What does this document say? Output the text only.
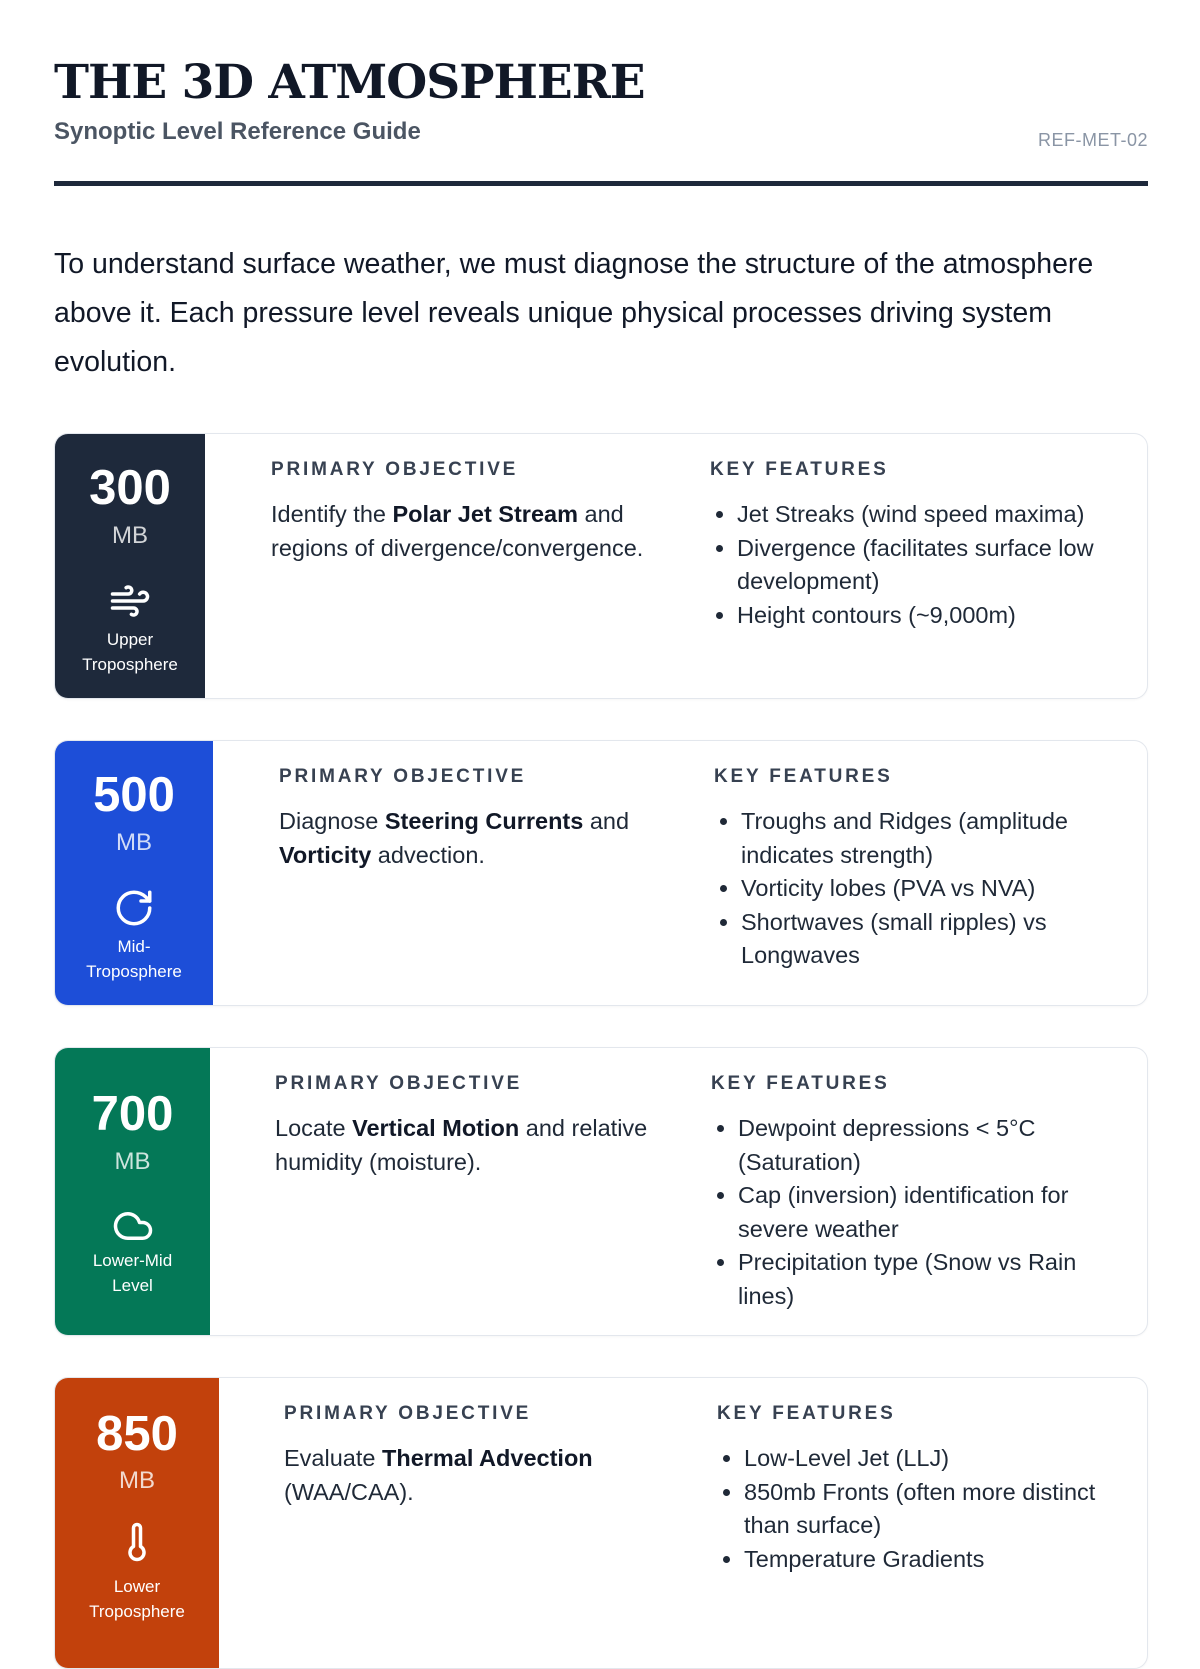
THE 3D ATMOSPHERE
Synoptic Level Reference Guide	REF-MET-02

To understand surface weather, we must diagnose the structure of the atmosphere above it. Each pressure level reveals unique physical processes driving system evolution.

300
MB
Upper
Troposphere
PRIMARY OBJECTIVE

Identify the Polar Jet Stream and regions of divergence/convergence.

KEY FEATURES
• Jet Streaks (wind speed maxima)
• Divergence (facilitates surface low development)
• Height contours (~9,000m)
500
MB
Mid-
Troposphere
PRIMARY OBJECTIVE

Diagnose Steering Currents and Vorticity advection.

KEY FEATURES
• Troughs and Ridges (amplitude indicates strength)
• Vorticity lobes (PVA vs NVA)
• Shortwaves (small ripples) vs Longwaves
700
MB
Lower-Mid
Level
PRIMARY OBJECTIVE

Locate Vertical Motion and relative humidity (moisture).

KEY FEATURES
• Dewpoint depressions < 5°C (Saturation)
• Cap (inversion) identification for severe weather
• Precipitation type (Snow vs Rain lines)
850
MB
Lower
Troposphere
PRIMARY OBJECTIVE

Evaluate Thermal Advection (WAA/CAA).

KEY FEATURES
• Low-Level Jet (LLJ)
• 850mb Fronts (often more distinct than surface)
• Temperature Gradients
